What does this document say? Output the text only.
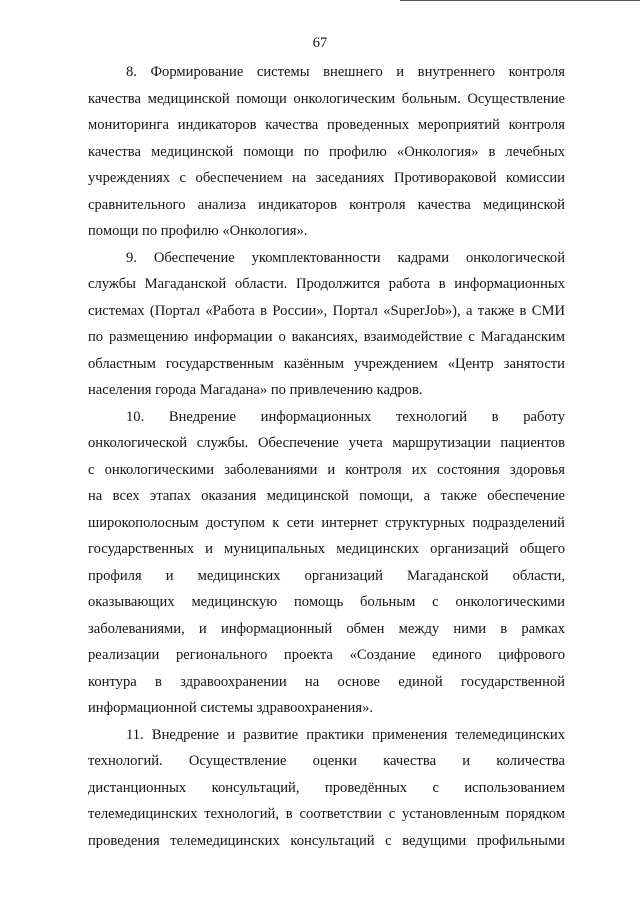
67
8. Формирование системы внешнего и внутреннего контроля
качества медицинской помощи онкологическим больным. Осуществление
мониторинга индикаторов качества проведенных мероприятий контроля
качества медицинской помощи по профилю «Онкология» в лечебных
учреждениях с обеспечением на заседаниях Противораковой комиссии
сравнительного анализа индикаторов контроля качества медицинской
помощи по профилю «Онкология».
9. Обеспечение укомплектованности кадрами онкологической
службы Магаданской области. Продолжится работа в информационных
системах (Портал «Работа в России», Портал «SuperJob»), а также в СМИ
по размещению информации о вакансиях, взаимодействие с Магаданским
областным государственным казённым учреждением «Центр занятости
населения города Магадана» по привлечению кадров.
10. Внедрение информационных технологий в работу
онкологической службы. Обеспечение учета маршрутизации пациентов
с онкологическими заболеваниями и контроля их состояния здоровья
на всех этапах оказания медицинской помощи, а также обеспечение
широкополосным доступом к сети интернет структурных подразделений
государственных и муниципальных медицинских организаций общего
профиля и медицинских организаций Магаданской области,
оказывающих медицинскую помощь больным с онкологическими
заболеваниями, и информационный обмен между ними в рамках
реализации регионального проекта «Создание единого цифрового
контура в здравоохранении на основе единой государственной
информационной системы здравоохранения».
11. Внедрение и развитие практики применения телемедицинских
технологий. Осуществление оценки качества и количества
дистанционных консультаций, проведённых с использованием
телемедицинских технологий, в соответствии с установленным порядком
проведения телемедицинских консультаций с ведущими профильными
